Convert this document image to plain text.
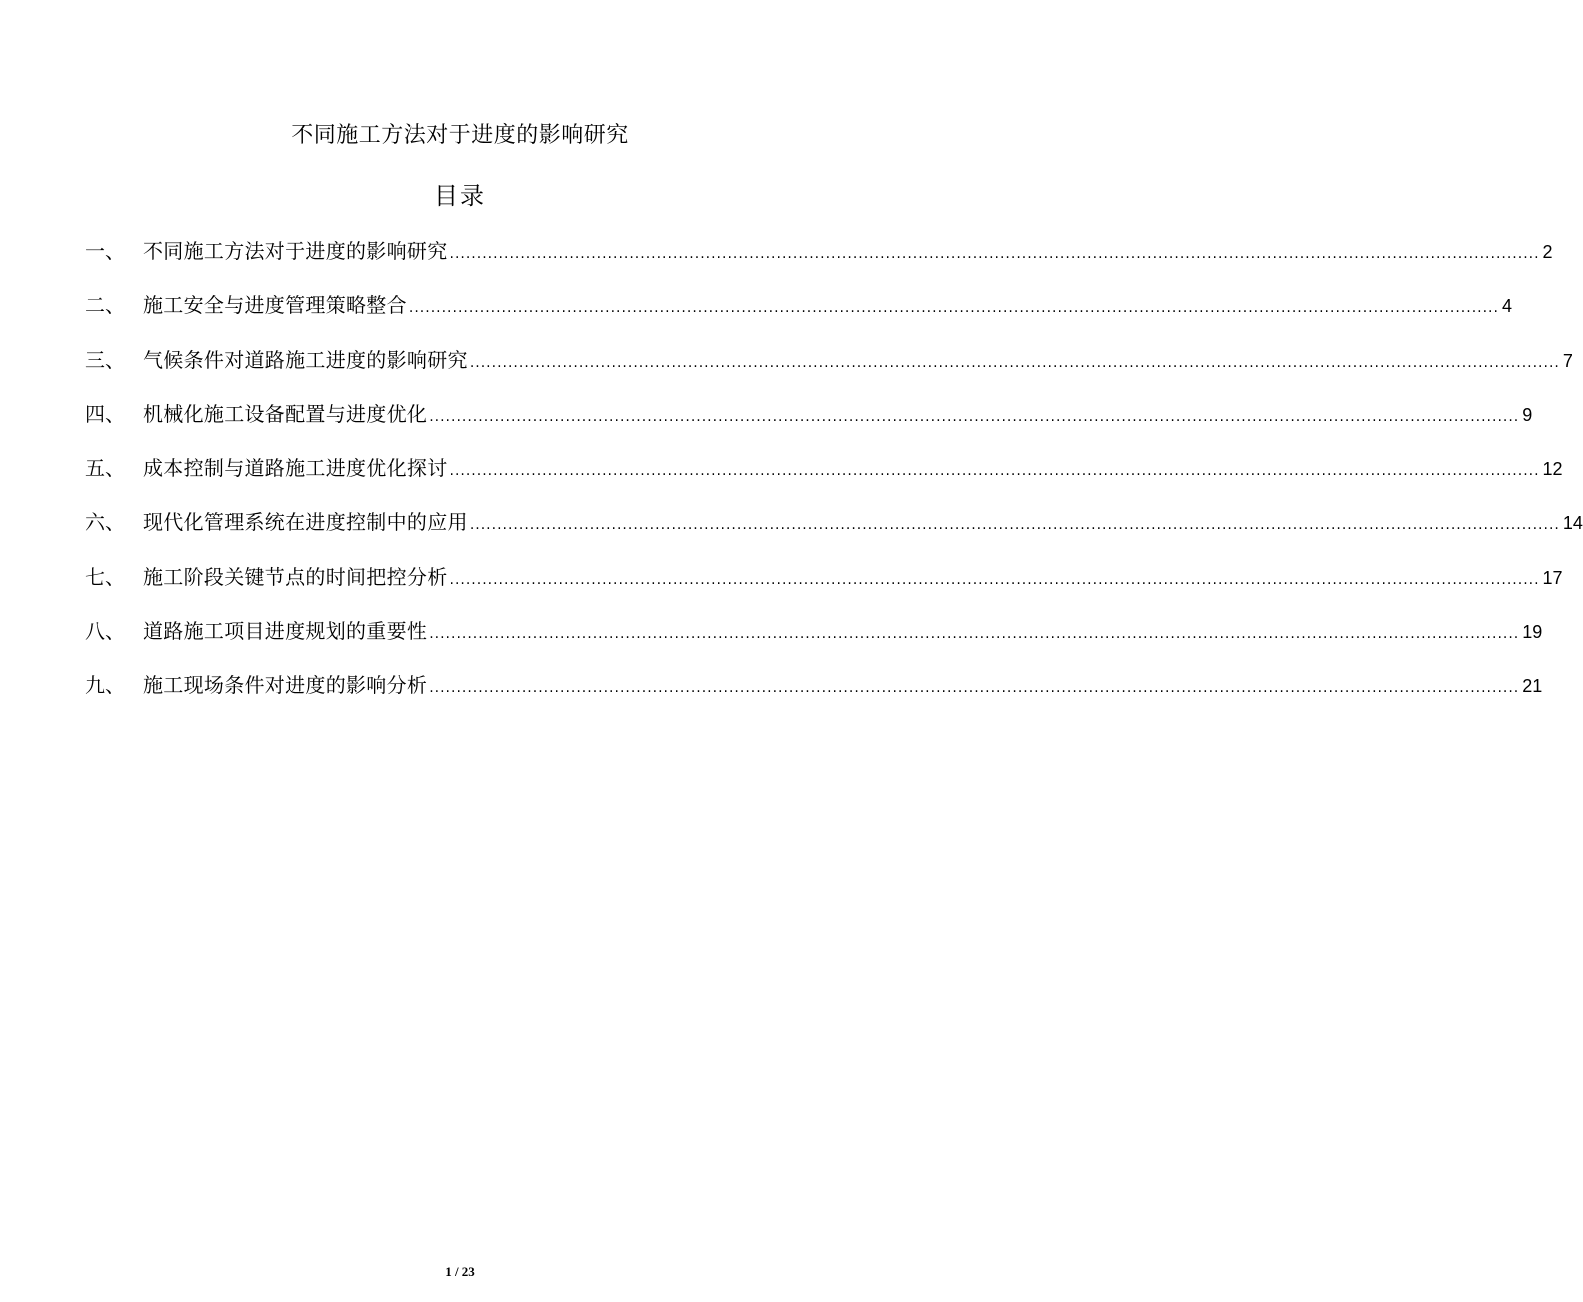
不同施工方法对于进度的影响研究
目录
一、 不同施工方法对于进度的影响研究 ........................................................................................................................................................................................................ 2
二、 施工安全与进度管理策略整合 ........................................................................................................................................................................................................ 4
三、 气候条件对道路施工进度的影响研究 ........................................................................................................................................................................................................ 7
四、 机械化施工设备配置与进度优化 ........................................................................................................................................................................................................ 9
五、 成本控制与道路施工进度优化探讨 ........................................................................................................................................................................................................ 12
六、 现代化管理系统在进度控制中的应用 ........................................................................................................................................................................................................ 14
七、 施工阶段关键节点的时间把控分析 ........................................................................................................................................................................................................ 17
八、 道路施工项目进度规划的重要性 ........................................................................................................................................................................................................ 19
九、 施工现场条件对进度的影响分析 ........................................................................................................................................................................................................ 21
1 / 23
